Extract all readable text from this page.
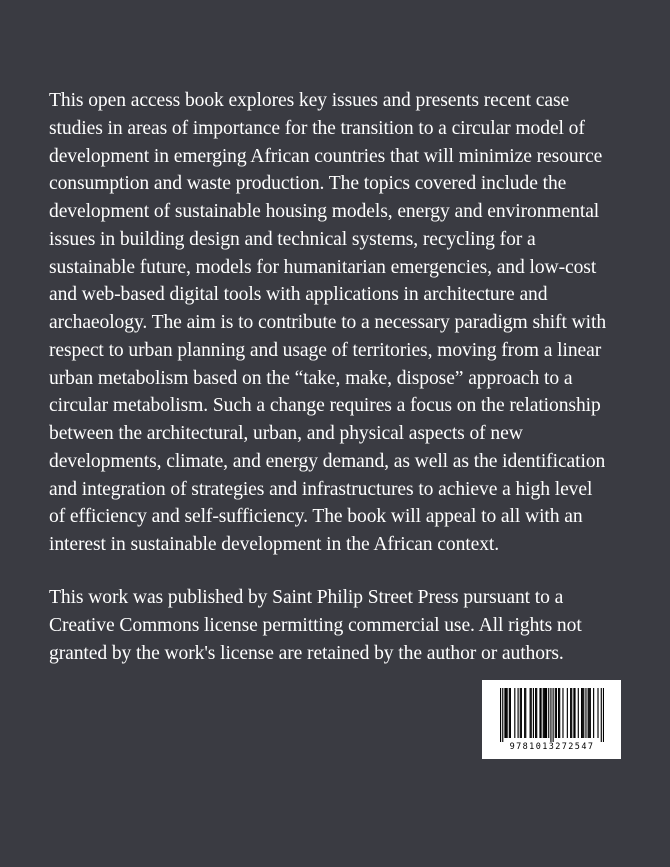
This open access book explores key issues and presents recent case
studies in areas of importance for the transition to a circular model of
development in emerging African countries that will minimize resource
consumption and waste production. The topics covered include the
development of sustainable housing models, energy and environmental
issues in building design and technical systems, recycling for a
sustainable future, models for humanitarian emergencies, and low-cost
and web-based digital tools with applications in architecture and
archaeology. The aim is to contribute to a necessary paradigm shift with
respect to urban planning and usage of territories, moving from a linear
urban metabolism based on the “take, make, dispose” approach to a
circular metabolism. Such a change requires a focus on the relationship
between the architectural, urban, and physical aspects of new
developments, climate, and energy demand, as well as the identification
and integration of strategies and infrastructures to achieve a high level
of efficiency and self-sufficiency. The book will appeal to all with an
interest in sustainable development in the African context.

This work was published by Saint Philip Street Press pursuant to a
Creative Commons license permitting commercial use. All rights not
granted by the work's license are retained by the author or authors.

9781013272547
